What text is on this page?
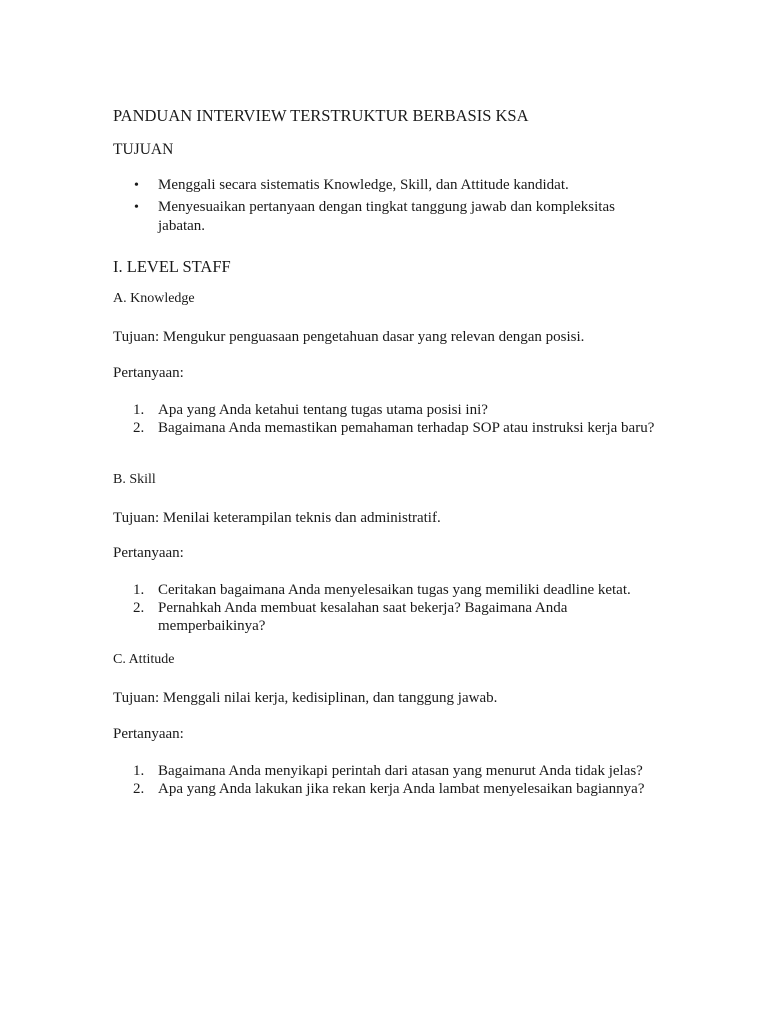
PANDUAN INTERVIEW TERSTRUKTUR BERBASIS KSA
TUJUAN
• Menggali secara sistematis Knowledge, Skill, dan Attitude kandidat.
• Menyesuaikan pertanyaan dengan tingkat tanggung jawab dan kompleksitas jabatan.
I. LEVEL STAFF
A. Knowledge

Tujuan: Mengukur penguasaan pengetahuan dasar yang relevan dengan posisi.

Pertanyaan:

1. Apa yang Anda ketahui tentang tugas utama posisi ini?
2. Bagaimana Anda memastikan pemahaman terhadap SOP atau instruksi kerja baru?
B. Skill

Tujuan: Menilai keterampilan teknis dan administratif.

Pertanyaan:

1. Ceritakan bagaimana Anda menyelesaikan tugas yang memiliki deadline ketat.
2. Pernahkah Anda membuat kesalahan saat bekerja? Bagaimana Anda memperbaikinya?
C. Attitude

Tujuan: Menggali nilai kerja, kedisiplinan, dan tanggung jawab.

Pertanyaan:

1. Bagaimana Anda menyikapi perintah dari atasan yang menurut Anda tidak jelas?
2. Apa yang Anda lakukan jika rekan kerja Anda lambat menyelesaikan bagiannya?
